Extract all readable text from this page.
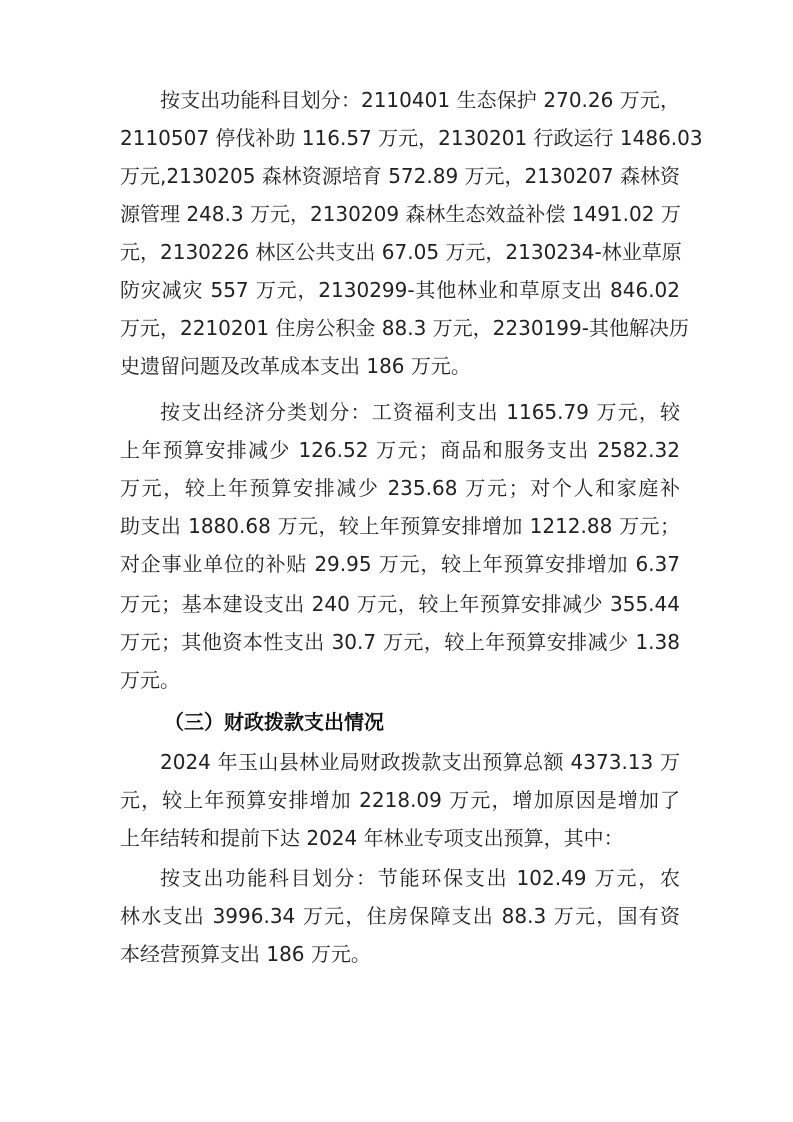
按支出功能科目划分：2110401 生态保护 270.26 万元，
2110507 停伐补助 116.57 万元，2130201 行政运行 1486.03
万元,2130205 森林资源培育 572.89 万元，2130207 森林资
源管理 248.3 万元，2130209 森林生态效益补偿 1491.02 万
元，2130226 林区公共支出 67.05 万元，2130234-林业草原
防灾减灾 557 万元，2130299-其他林业和草原支出 846.02
万元，2210201 住房公积金 88.3 万元，2230199-其他解决历
史遗留问题及改革成本支出 186 万元。
按支出经济分类划分：工资福利支出 1165.79 万元，较
上年预算安排减少 126.52 万元；商品和服务支出 2582.32
万元，较上年预算安排减少 235.68 万元；对个人和家庭补
助支出 1880.68 万元，较上年预算安排增加 1212.88 万元；
对企事业单位的补贴 29.95 万元，较上年预算安排增加 6.37
万元；基本建设支出 240 万元，较上年预算安排减少 355.44
万元；其他资本性支出 30.7 万元，较上年预算安排减少 1.38
万元。
（三）财政拨款支出情况
2024 年玉山县林业局财政拨款支出预算总额 4373.13 万
元，较上年预算安排增加 2218.09 万元，增加原因是增加了
上年结转和提前下达 2024 年林业专项支出预算，其中：
按支出功能科目划分：节能环保支出 102.49 万元，农
林水支出 3996.34 万元，住房保障支出 88.3 万元，国有资
本经营预算支出 186 万元。
